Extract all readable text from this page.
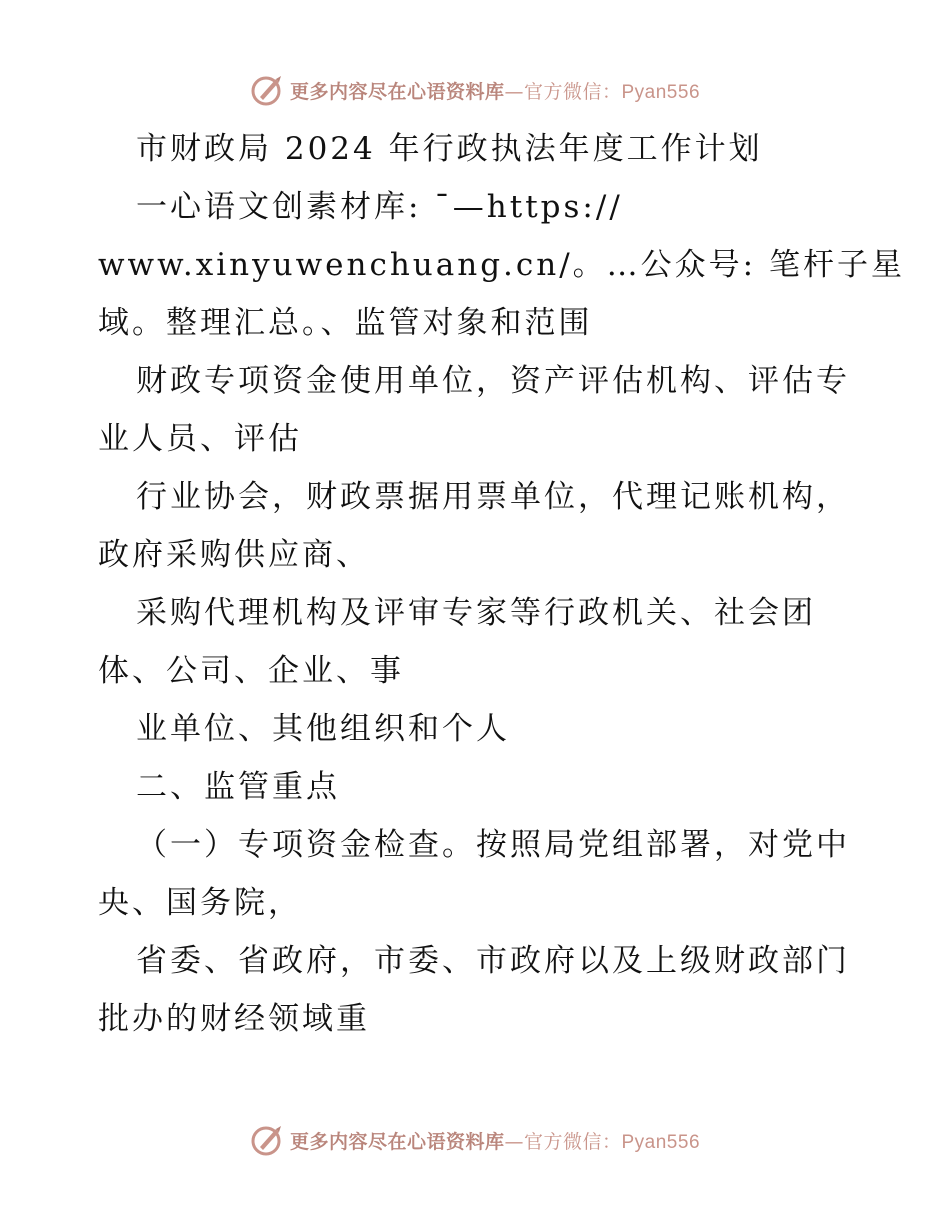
更多内容尽在心语资料库—官方微信：Pyan556
市财政局 2024 年行政执法年度工作计划
一心语文创素材库: ¯—https://
www.xinyuwenchuang.cn/。…公众号: 笔杆子星
域。整理汇总。、监管对象和范围
财政专项资金使用单位，资产评估机构、评估专
业人员、评估
行业协会，财政票据用票单位，代理记账机构，
政府采购供应商、
采购代理机构及评审专家等行政机关、社会团
体、公司、企业、事
业单位、其他组织和个人
二、监管重点
（一）专项资金检查。按照局党组部署，对党中
央、国务院，
省委、省政府，市委、市政府以及上级财政部门
批办的财经领域重
更多内容尽在心语资料库—官方微信：Pyan556
